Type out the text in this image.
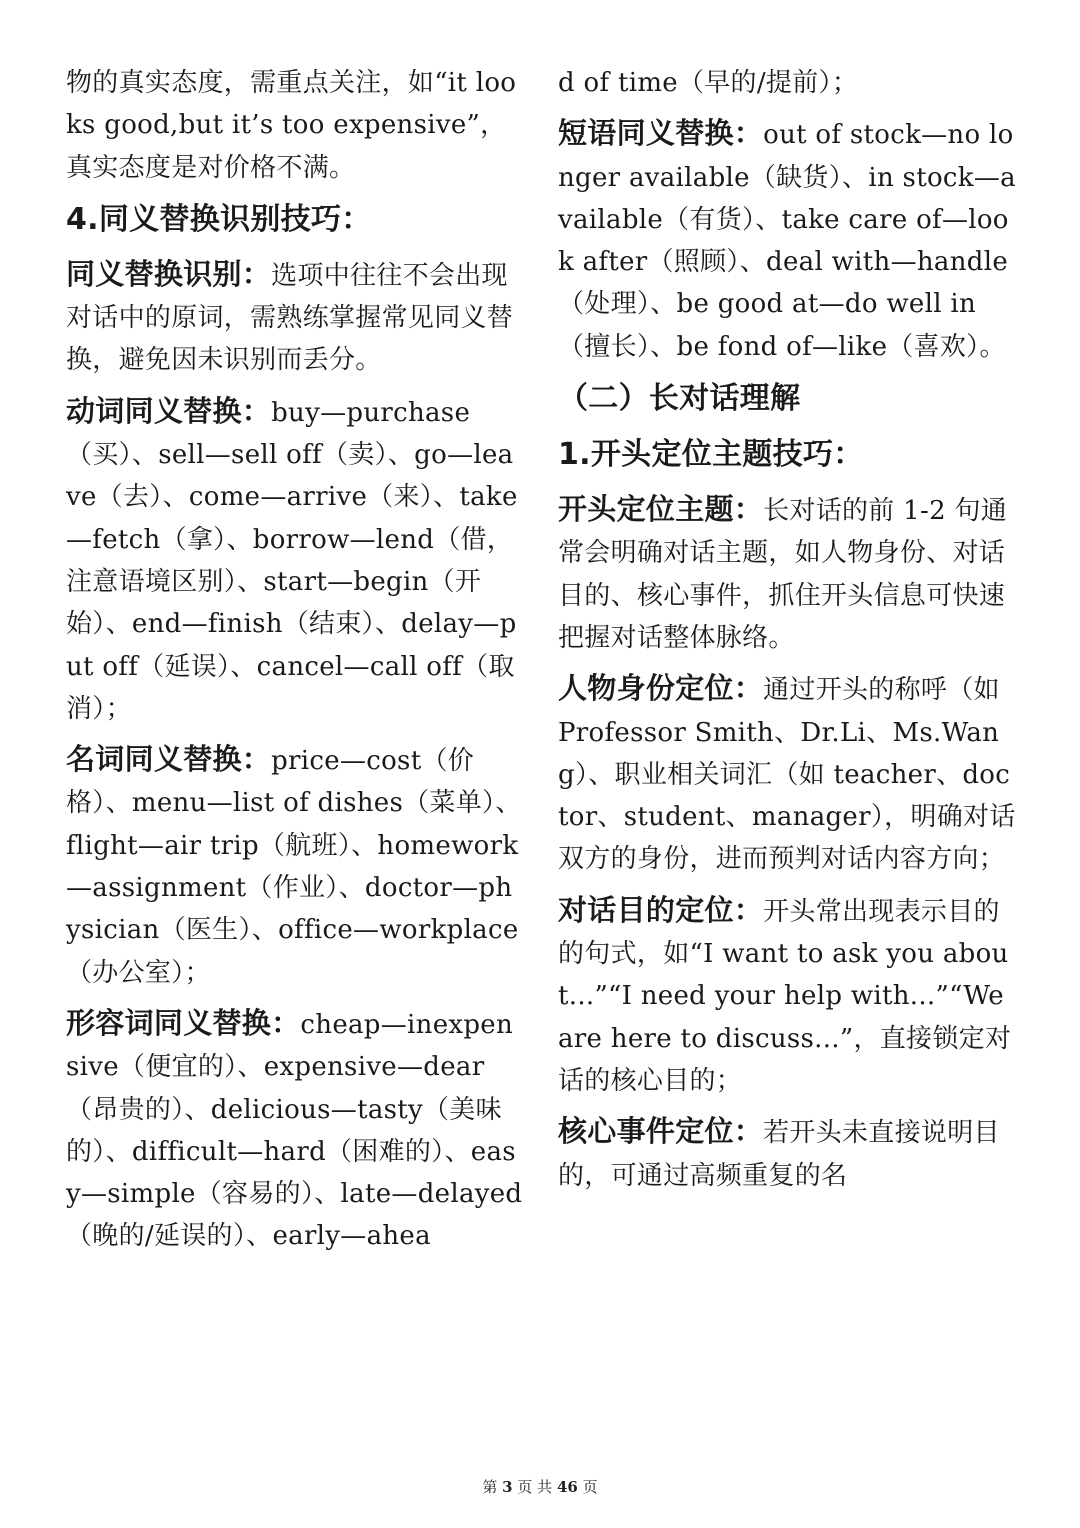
物的真实态度，需重点关注，如“it looks good,but it’s too expensive”，真实态度是对价格不满。

4.同义替换识别技巧：

同义替换识别：选项中往往不会出现对话中的原词，需熟练掌握常见同义替换，避免因未识别而丢分。

动词同义替换：buy—purchase（买）、sell—sell off（卖）、go—leave（去）、come—arrive（来）、take—fetch（拿）、borrow—lend（借，注意语境区别）、start—begin（开始）、end—finish（结束）、delay—put off（延误）、cancel—call off（取消）；

名词同义替换：price—cost（价格）、menu—list of dishes（菜单）、flight—air trip（航班）、homework—assignment（作业）、doctor—physician（医生）、office—workplace（办公室）；

形容词同义替换：cheap—inexpensive（便宜的）、expensive—dear（昂贵的）、delicious—tasty（美味的）、difficult—hard（困难的）、easy—simple（容易的）、late—delayed（晚的/延误的）、early—ahea

d of time（早的/提前）；

短语同义替换：out of stock—no longer available（缺货）、in stock—available（有货）、take care of—look after（照顾）、deal with—handle（处理）、be good at—do well in（擅长）、be fond of—like（喜欢）。

（二）长对话理解
1.开头定位主题技巧：

开头定位主题：长对话的前 1-2 句通常会明确对话主题，如人物身份、对话目的、核心事件，抓住开头信息可快速把握对话整体脉络。

人物身份定位：通过开头的称呼（如 Professor Smith、Dr.Li、Ms.Wang）、职业相关词汇（如 teacher、doctor、student、manager），明确对话双方的身份，进而预判对话内容方向；

对话目的定位：开头常出现表示目的的句式，如“I want to ask you about...”“I need your help with...”“We are here to discuss...”，直接锁定对话的核心目的；

核心事件定位：若开头未直接说明目的，可通过高频重复的名

第 3 页 共 46 页
